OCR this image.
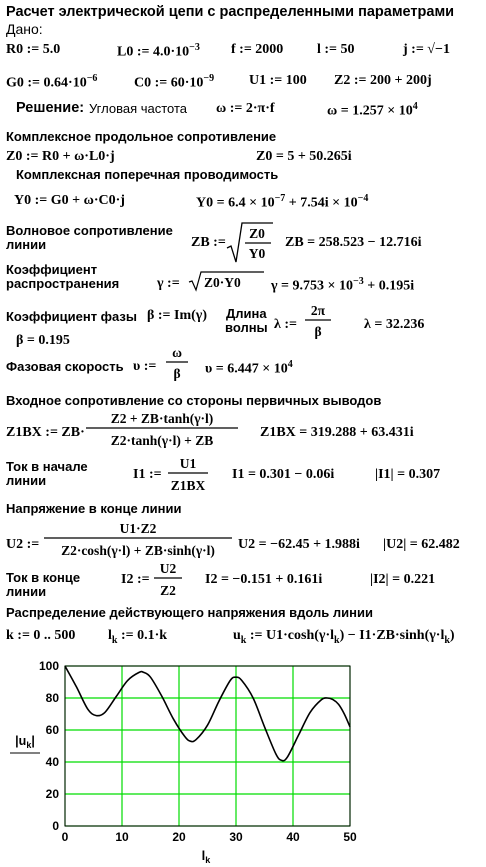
Расчет электрической цепи с распределенными параметрами
Дано:
R0 := 5.0	L0 := $4.0\cdot 10^{-3}$ f := 2000 l := 50	j := √−1
G0 := $0.64\cdot 10^{-6}$	C0 := $60\cdot 10^{-9}$ U1 := 100 Z2 := 200 + 200j
Решение: Угловая частота ω := 2·π·f	$\omega = 1.257 \times 10^4$
Комплексное продольное сопротивление
Z0 := R0 + ω·L0·j	Z0 = 5 + 50.265i
Комплексная поперечная проводимость
Y0 := G0 + ω·C0·j	$Y0 = 6.4 \times 10^{-7} + 7.54i \times 10^{-4}$
Волновое сопротивление
линии	ZB :=
Z0
Y0
ZB = 258.523 − 12.716i
Коэффициент
распространения	γ := Z0·Y0 $\gamma = 9.753 \times 10^{-3} + 0.195i$
Коэффициент фазы β := Im(γ)
β = 0.195
Длина
волны λ :=
2π
β	λ = 32.236
Фазовая скорость υ :=
ω
β $\upsilon = 6.447 \times 10^4$
Входное сопротивление со стороны первичных выводов
Z1BX := ZB·
Z2 + ZB·tanh(γ·l)
Z2·tanh(γ·l) + ZB
Z1BX = 319.288 + 63.431i
Ток в начале
линии	I1 :=
U1
Z1BX
I1 = 0.301 − 0.06i	|I1| = 0.307
Напряжение в конце линии
U2 :=
U1·Z2
Z2·cosh(γ·l) + ZB·sinh(γ·l) U2 = −62.45 + 1.988i |U2| = 62.482
Ток в конце
линии
I2 :=
U2
Z2
I2 = −0.151 + 0.161i	|I2| = 0.221
Распределение действующего напряжения вдоль линии
k := 0 .. 500 $l_k$ := 0.1·k	$u_k$ := $U1\cdot\cosh(\gamma\cdot l_k) - I1\cdot ZB\cdot\sinh(\gamma\cdot l_k)$
0	10	20	30	40	50
0
20
40
60
80
100
$|u_k|$
$l_k$
